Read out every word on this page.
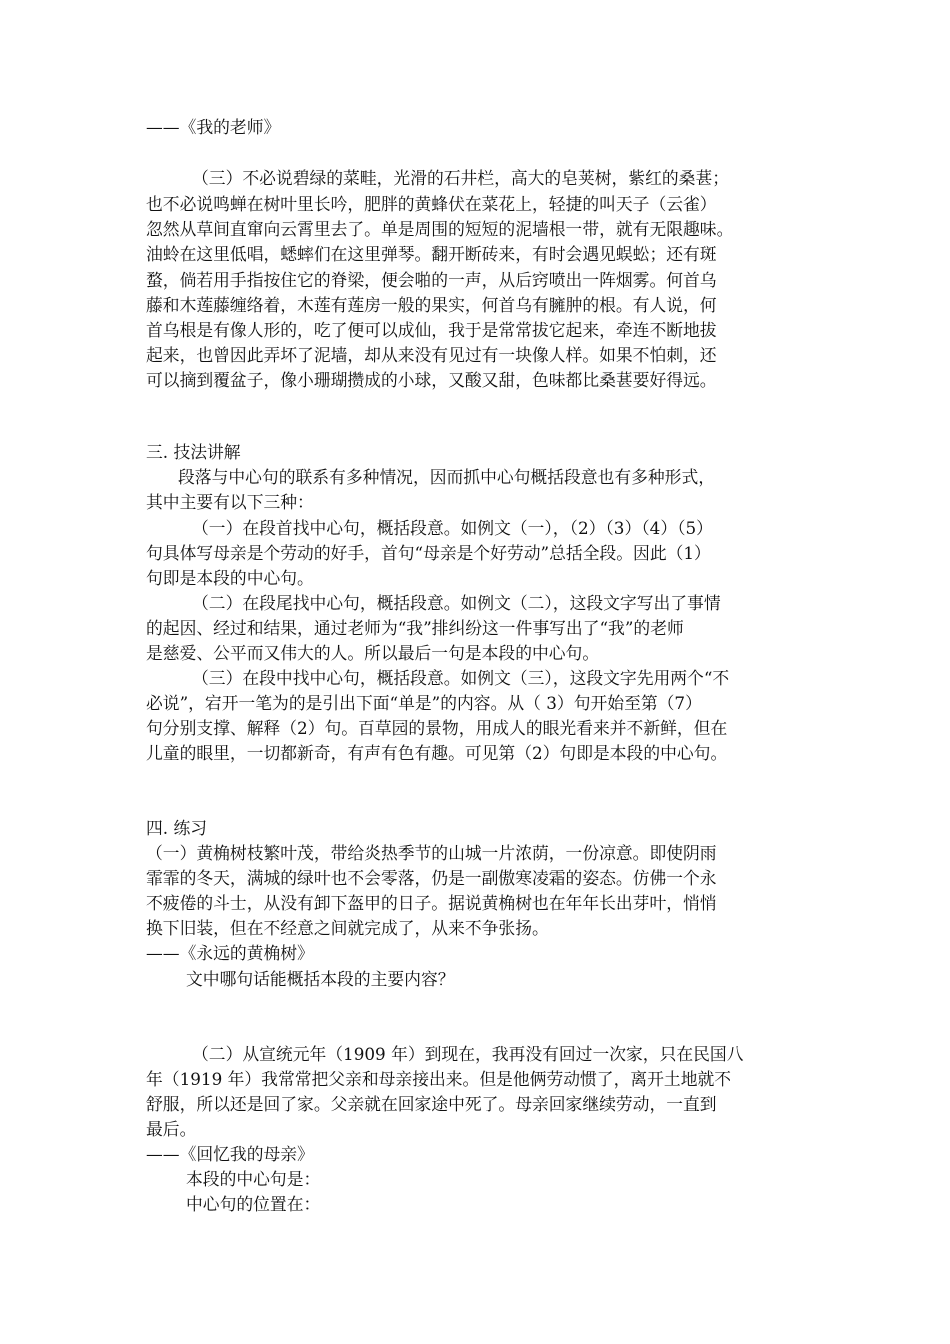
——《我的老师》
（三）不必说碧绿的菜畦，光滑的石井栏，高大的皂荚树，紫红的桑葚；
也不必说鸣蝉在树叶里长吟，肥胖的黄蜂伏在菜花上，轻捷的叫天子（云雀）
忽然从草间直窜向云霄里去了。单是周围的短短的泥墙根一带，就有无限趣味。
油蛉在这里低唱，蟋蟀们在这里弹琴。翻开断砖来，有时会遇见蜈蚣；还有斑
蝥，倘若用手指按住它的脊梁，便会啪的一声，从后窍喷出一阵烟雾。何首乌
藤和木莲藤缠络着，木莲有莲房一般的果实，何首乌有臃肿的根。有人说，何
首乌根是有像人形的，吃了便可以成仙，我于是常常拔它起来，牵连不断地拔
起来，也曾因此弄坏了泥墙，却从来没有见过有一块像人样。如果不怕刺，还
可以摘到覆盆子，像小珊瑚攒成的小球，又酸又甜，色味都比桑葚要好得远。
三. 技法讲解
段落与中心句的联系有多种情况，因而抓中心句概括段意也有多种形式，
其中主要有以下三种：
（一）在段首找中心句，概括段意。如例文（一），（2）（3）（4）（5）
句具体写母亲是个劳动的好手，首句“母亲是个好劳动”总括全段。因此（1）
句即是本段的中心句。
（二）在段尾找中心句，概括段意。如例文（二），这段文字写出了事情
的起因、经过和结果，通过老师为“我”排纠纷这一件事写出了“我”的老师
是慈爱、公平而又伟大的人。所以最后一句是本段的中心句。
（三）在段中找中心句，概括段意。如例文（三），这段文字先用两个“不
必说”，宕开一笔为的是引出下面“单是”的内容。从（ 3）句开始至第（7）
句分别支撑、解释（2）句。百草园的景物，用成人的眼光看来并不新鲜，但在
儿童的眼里，一切都新奇，有声有色有趣。可见第（2）句即是本段的中心句。
四. 练习
（一）黄桷树枝繁叶茂，带给炎热季节的山城一片浓荫，一份凉意。即使阴雨
霏霏的冬天，满城的绿叶也不会零落，仍是一副傲寒凌霜的姿态。仿佛一个永
不疲倦的斗士，从没有卸下盔甲的日子。据说黄桷树也在年年长出芽叶，悄悄
换下旧装，但在不经意之间就完成了，从来不争张扬。
——《永远的黄桷树》
文中哪句话能概括本段的主要内容？
（二）从宣统元年（1909 年）到现在，我再没有回过一次家，只在民国八
年（1919 年）我常常把父亲和母亲接出来。但是他俩劳动惯了，离开土地就不
舒服，所以还是回了家。父亲就在回家途中死了。母亲回家继续劳动，一直到
最后。
——《回忆我的母亲》
本段的中心句是：
中心句的位置在：
